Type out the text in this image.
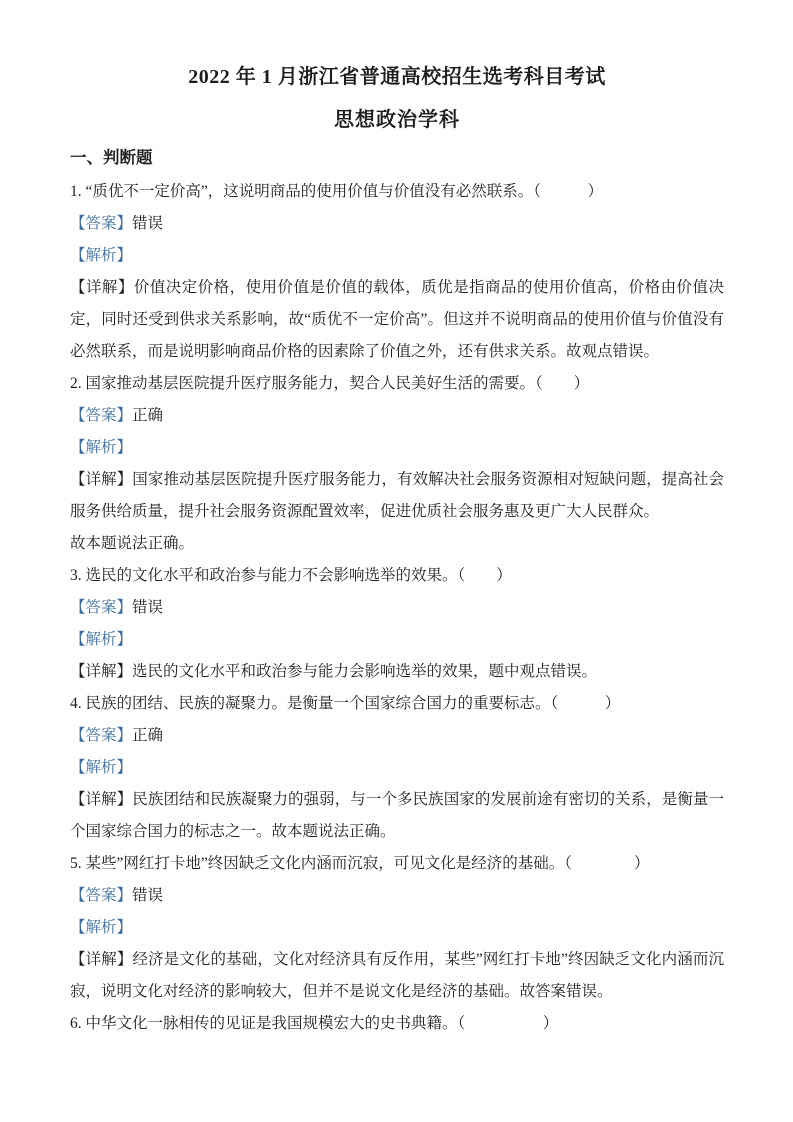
2022 年 1 月浙江省普通高校招生选考科目考试
思想政治学科
一、判断题

1. “质优不一定价高”，这说明商品的使用价值与价值没有必然联系。（　　　）

【答案】错误

【解析】

【详解】价值决定价格，使用价值是价值的载体，质优是指商品的使用价值高，价格由价值决定，同时还受到供求关系影响，故“质优不一定价高”。但这并不说明商品的使用价值与价值没有必然联系，而是说明影响商品价格的因素除了价值之外，还有供求关系。故观点错误。

2. 国家推动基层医院提升医疗服务能力，契合人民美好生活的需要。（　　）

【答案】正确

【解析】

【详解】国家推动基层医院提升医疗服务能力，有效解决社会服务资源相对短缺问题，提高社会服务供给质量，提升社会服务资源配置效率，促进优质社会服务惠及更广大人民群众。

故本题说法正确。

3. 选民的文化水平和政治参与能力不会影响选举的效果。（　　）

【答案】错误

【解析】

【详解】选民的文化水平和政治参与能力会影响选举的效果，题中观点错误。

4. 民族的团结、民族的凝聚力。是衡量一个国家综合国力的重要标志。（　　　）

【答案】正确

【解析】

【详解】民族团结和民族凝聚力的强弱，与一个多民族国家的发展前途有密切的关系，是衡量一个国家综合国力的标志之一。故本题说法正确。

5. 某些”网红打卡地”终因缺乏文化内涵而沉寂，可见文化是经济的基础。（　　　　）

【答案】错误

【解析】

【详解】经济是文化的基础，文化对经济具有反作用，某些”网红打卡地”终因缺乏文化内涵而沉寂，说明文化对经济的影响较大，但并不是说文化是经济的基础。故答案错误。

6. 中华文化一脉相传的见证是我国规模宏大的史书典籍。（　　　　　）
